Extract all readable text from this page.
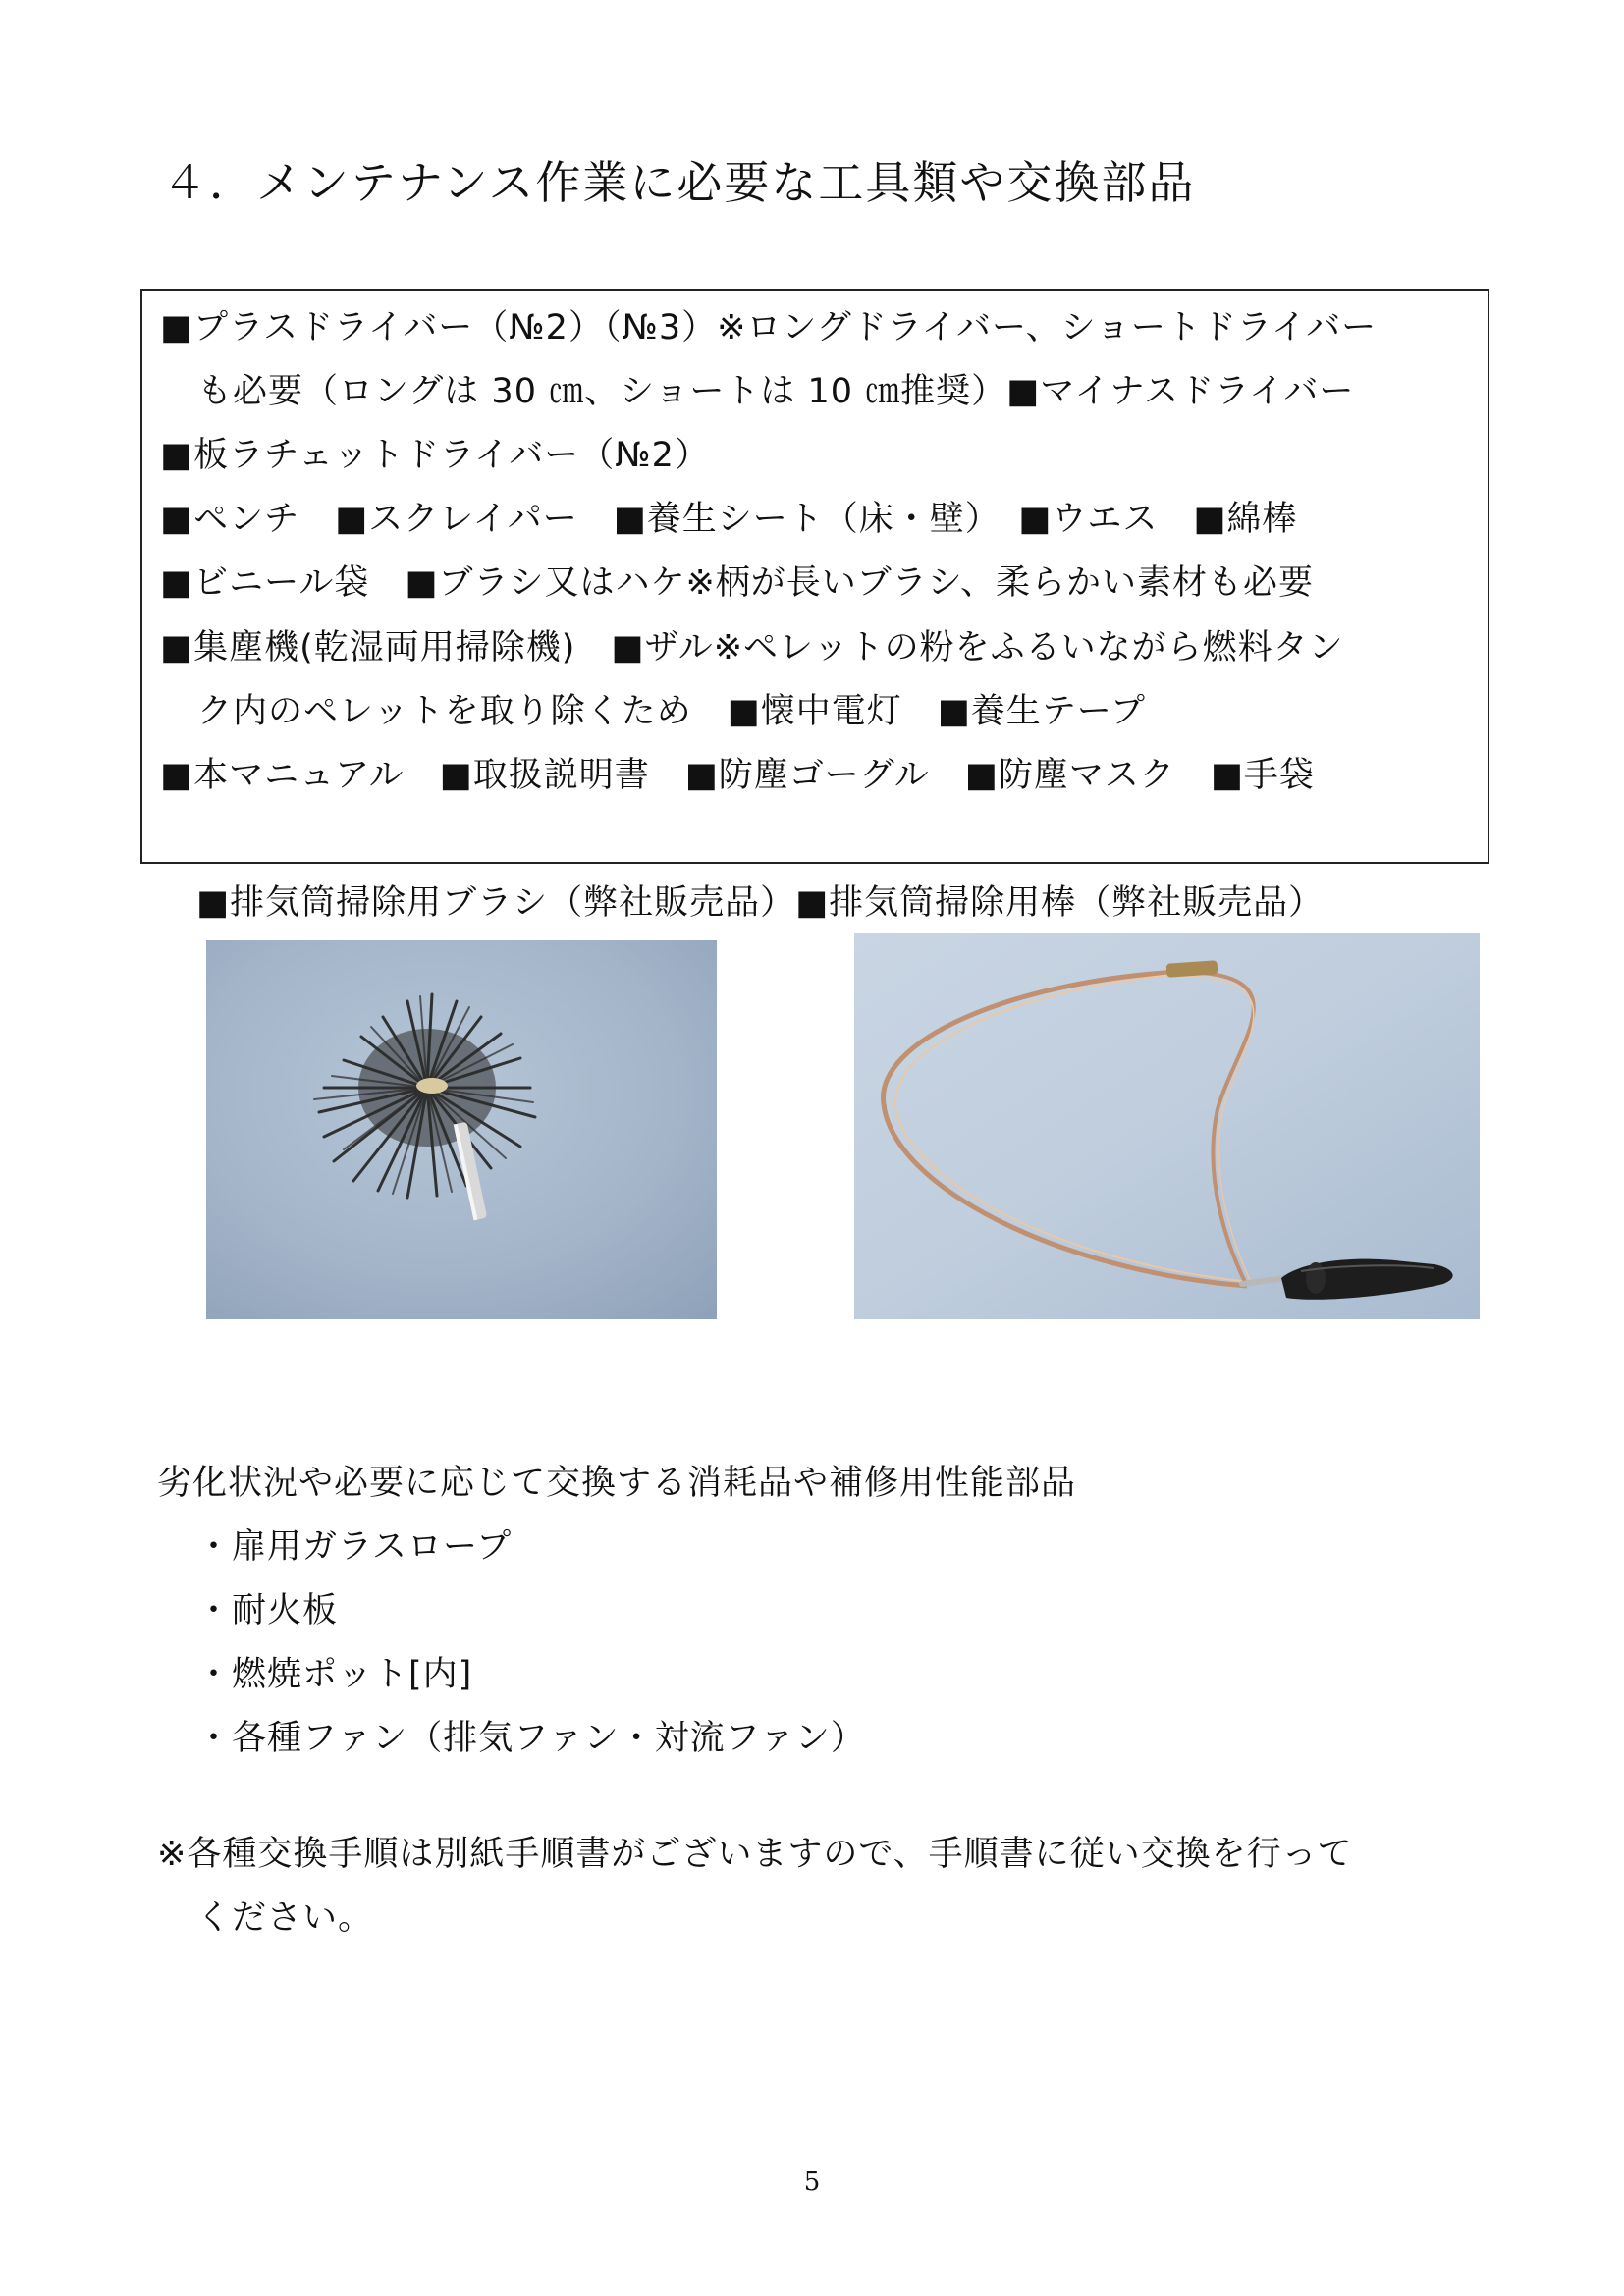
４．メンテナンス作業に必要な工具類や交換部品
■プラスドライバー（№2）（№3）※ロングドライバー、ショートドライバー
も必要（ロングは 30 ㎝、ショートは 10 ㎝推奨）■マイナスドライバー
■板ラチェットドライバー（№2）
■ペンチ　■スクレイパー　■養生シート（床・壁）　■ウエス　■綿棒
■ビニール袋　■ブラシ又はハケ※柄が長いブラシ、柔らかい素材も必要
■集塵機(乾湿両用掃除機)　■ザル※ペレットの粉をふるいながら燃料タン
ク内のペレットを取り除くため　■懐中電灯　■養生テープ
■本マニュアル　■取扱説明書　■防塵ゴーグル　■防塵マスク　■手袋
■排気筒掃除用ブラシ（弊社販売品）■排気筒掃除用棒（弊社販売品）
劣化状況や必要に応じて交換する消耗品や補修用性能部品
・扉用ガラスロープ
・耐火板
・燃焼ポット[内]
・各種ファン（排気ファン・対流ファン）
※各種交換手順は別紙手順書がございますので、手順書に従い交換を行って
ください。
5
